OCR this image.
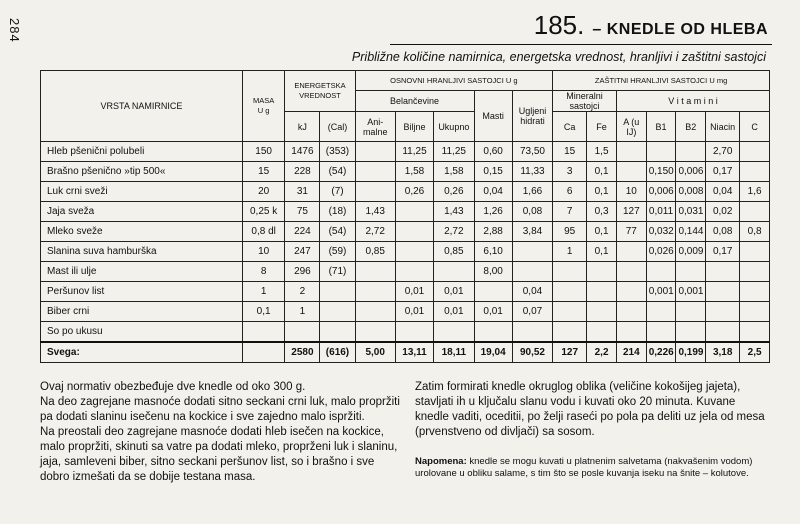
284	185. – KNEDLE OD HLEBA
Približne količine namirnica, energetska vrednost, hranljivi i zaštitni sastojci
VRSTA NAMIRNICE	MASA
U g	ENERGETSKA VREDNOST		OSNOVNI HRANLJIVI SASTOJCI U g					ZAŠTITNI HRANLJIVI SASTOJCI U mg						
				Belančevine			Masti	Ugljeni hidrati	Mineralni sastojci		V i t a m i n i				
		kJ	(Cal)	Ani-malne	Biljne	Ukupno			Ca	Fe	A (u IJ)	B1	B2	Niacin	C
Hleb pšenični polubeli	150	1476	(353)		11,25	11,25	0,60	73,50	15	1,5				2,70	
Brašno pšenično »tip 500«	15	228	(54)		1,58	1,58	0,15	11,33	3	0,1		0,150	0,006	0,17	
Luk crni sveži	20	31	(7)		0,26	0,26	0,04	1,66	6	0,1	10	0,006	0,008	0,04	1,6
Jaja sveža	0,25 k	75	(18)	1,43		1,43	1,26	0,08	7	0,3	127	0,011	0,031	0,02	
Mleko sveže	0,8 dl	224	(54)	2,72		2,72	2,88	3,84	95	0,1	77	0,032	0,144	0,08	0,8
Slanina suva hamburška	10	247	(59)	0,85		0,85	6,10		1	0,1		0,026	0,009	0,17	
Mast ili ulje	8	296	(71)				8,00								
Peršunov list	1	2			0,01	0,01		0,04				0,001	0,001		
Biber crni	0,1	1			0,01	0,01	0,01	0,07							
So po ukusu															
Svega:		2580	(616)	5,00	13,11	18,11	19,04	90,52	127	2,2	214	0,226	0,199	3,18	2,5
Ovaj normativ obezbeđuje dve knedle od oko 300 g.
Na deo zagrejane masnoće dodati sitno seckani crni luk, malo propržiti pa dodati slaninu isečenu na kockice i sve zajedno malo ispržiti.
Na preostali deo zagrejane masnoće dodati hleb isečen na kockice, malo propržiti, skinuti sa vatre pa dodati mleko, proprženi luk i slaninu, jaja, samleveni biber, sitno seckani peršunov list, so i brašno i sve dobro izmešati da se dobije testana masa.
Zatim formirati knedle okruglog oblika (veličine kokošijeg jajeta), stavljati ih u ključalu slanu vodu i kuvati oko 20 minuta. Kuvane knedle vaditi, oceditii, po želji raseći po pola pa deliti uz jela od mesa (prvenstveno od divljači) sa sosom.
Napomena: knedle se mogu kuvati u platnenim salvetama (nakvašenim vodom) urolovane u obliku salame, s tim što se posle kuvanja iseku na šnite – kolutove.
